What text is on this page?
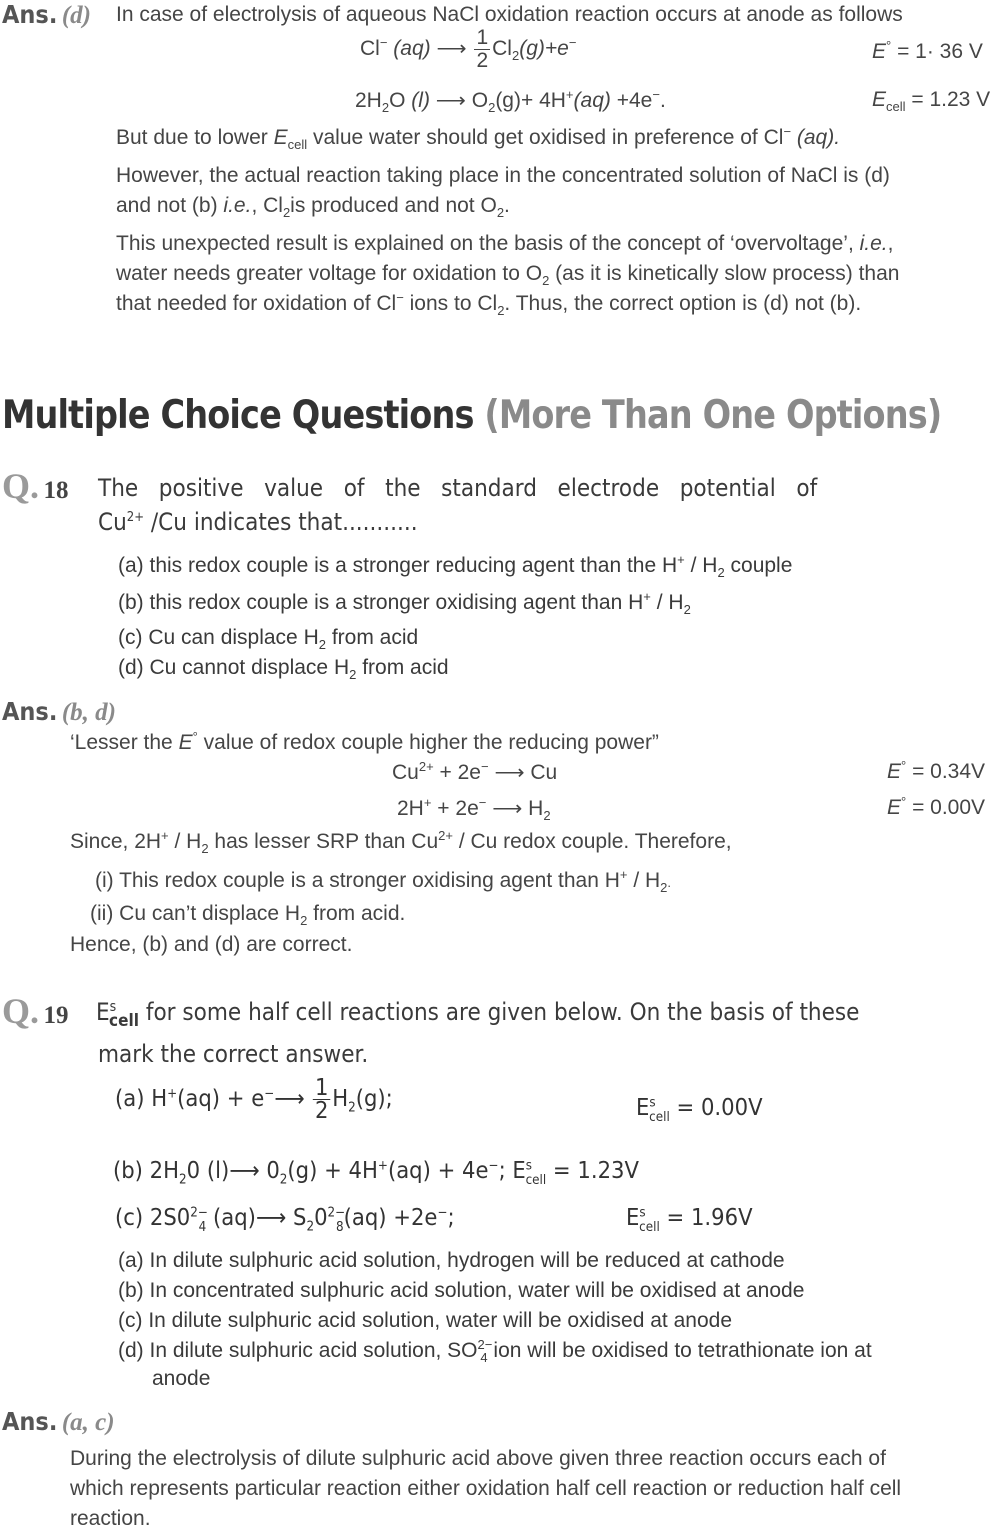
Ans. (d) In case of electrolysis of aqueous NaCl oxidation reaction occurs at anode as follows
Cl− (aq) ⟶ $\frac{1}{2} Cl_2(g)+e^-$	E° = 1· 36 V
$2H_2O$ (l) ⟶ $O_2(g)+ 4H^+(aq) +4e^-$.	$E_{cell} = 1.23$ V
But due to lower $E_{cell}$ value water should get oxidised in preference of Cl− (aq).
However, the actual reaction taking place in the concentrated solution of NaCl is (d)
and not (b) i.e., $Cl_2is$ produced and not $O_2$.
This unexpected result is explained on the basis of the concept of ‘overvoltage’, i.e.,
water needs greater voltage for oxidation to $O_2$ (as it is kinetically slow process) than
that needed for oxidation of Cl− ions to $Cl_2$. Thus, the correct option is (d) not (b).
Multiple Choice Questions (More Than One Options)
Q. 18 The   positive   value   of   the   standard   electrode   potential   of
$Cu^{2+}$ /Cu indicates that...........
(a) this redox couple is a stronger reducing agent than the $H^+ / H_2$ couple
(b) this redox couple is a stronger oxidising agent than $H^+ / H_2$
(c) Cu can displace $H_2$ from acid
(d) Cu cannot displace $H_2$ from acid
Ans. (b, d)
‘Lesser the E° value of redox couple higher the reducing power”
$Cu^{2+} + 2e^-$ ⟶ Cu	E° = 0.34V
2H+ + 2e− ⟶ $H_2$	E° = 0.00V
Since, $2H^+ / H_2$ has lesser SRP than $Cu^{2+}$ / Cu redox couple. Therefore,
(i) This redox couple is a stronger oxidising agent than $H^+ / H_2$.
(ii) Cu can’t displace $H_2$ from acid.
Hence, (b) and (d) are correct.
Q. 19 $E^s_{cell}$ for some half cell reactions are given below. On the basis of these
mark the correct answer.
(a) H+(aq) + e−⟶ $\frac{1}{2} H_2(g)$;	$E^s_{cell} = 0.00V$
(b) $2H_20$ (l)⟶ $0_2(g) + 4H^+(aq) + 4e^-$; $E^s_{cell} = 1.23V$
(c) $2S0^{2-}_4$ (aq)⟶ $S_20^{2-}_8(aq) +2e^-$;	$E^s_{cell} = 1.96V$
(a) In dilute sulphuric acid solution, hydrogen will be reduced at cathode
(b) In concentrated sulphuric acid solution, water will be oxidised at anode
(c) In dilute sulphuric acid solution, water will be oxidised at anode
(d) In dilute sulphuric acid solution, $SO^{2-}_4$ ion will be oxidised to tetrathionate ion at
anode
Ans. (a, c)
During the electrolysis of dilute sulphuric acid above given three reaction occurs each of
which represents particular reaction either oxidation half cell reaction or reduction half cell
reaction.
